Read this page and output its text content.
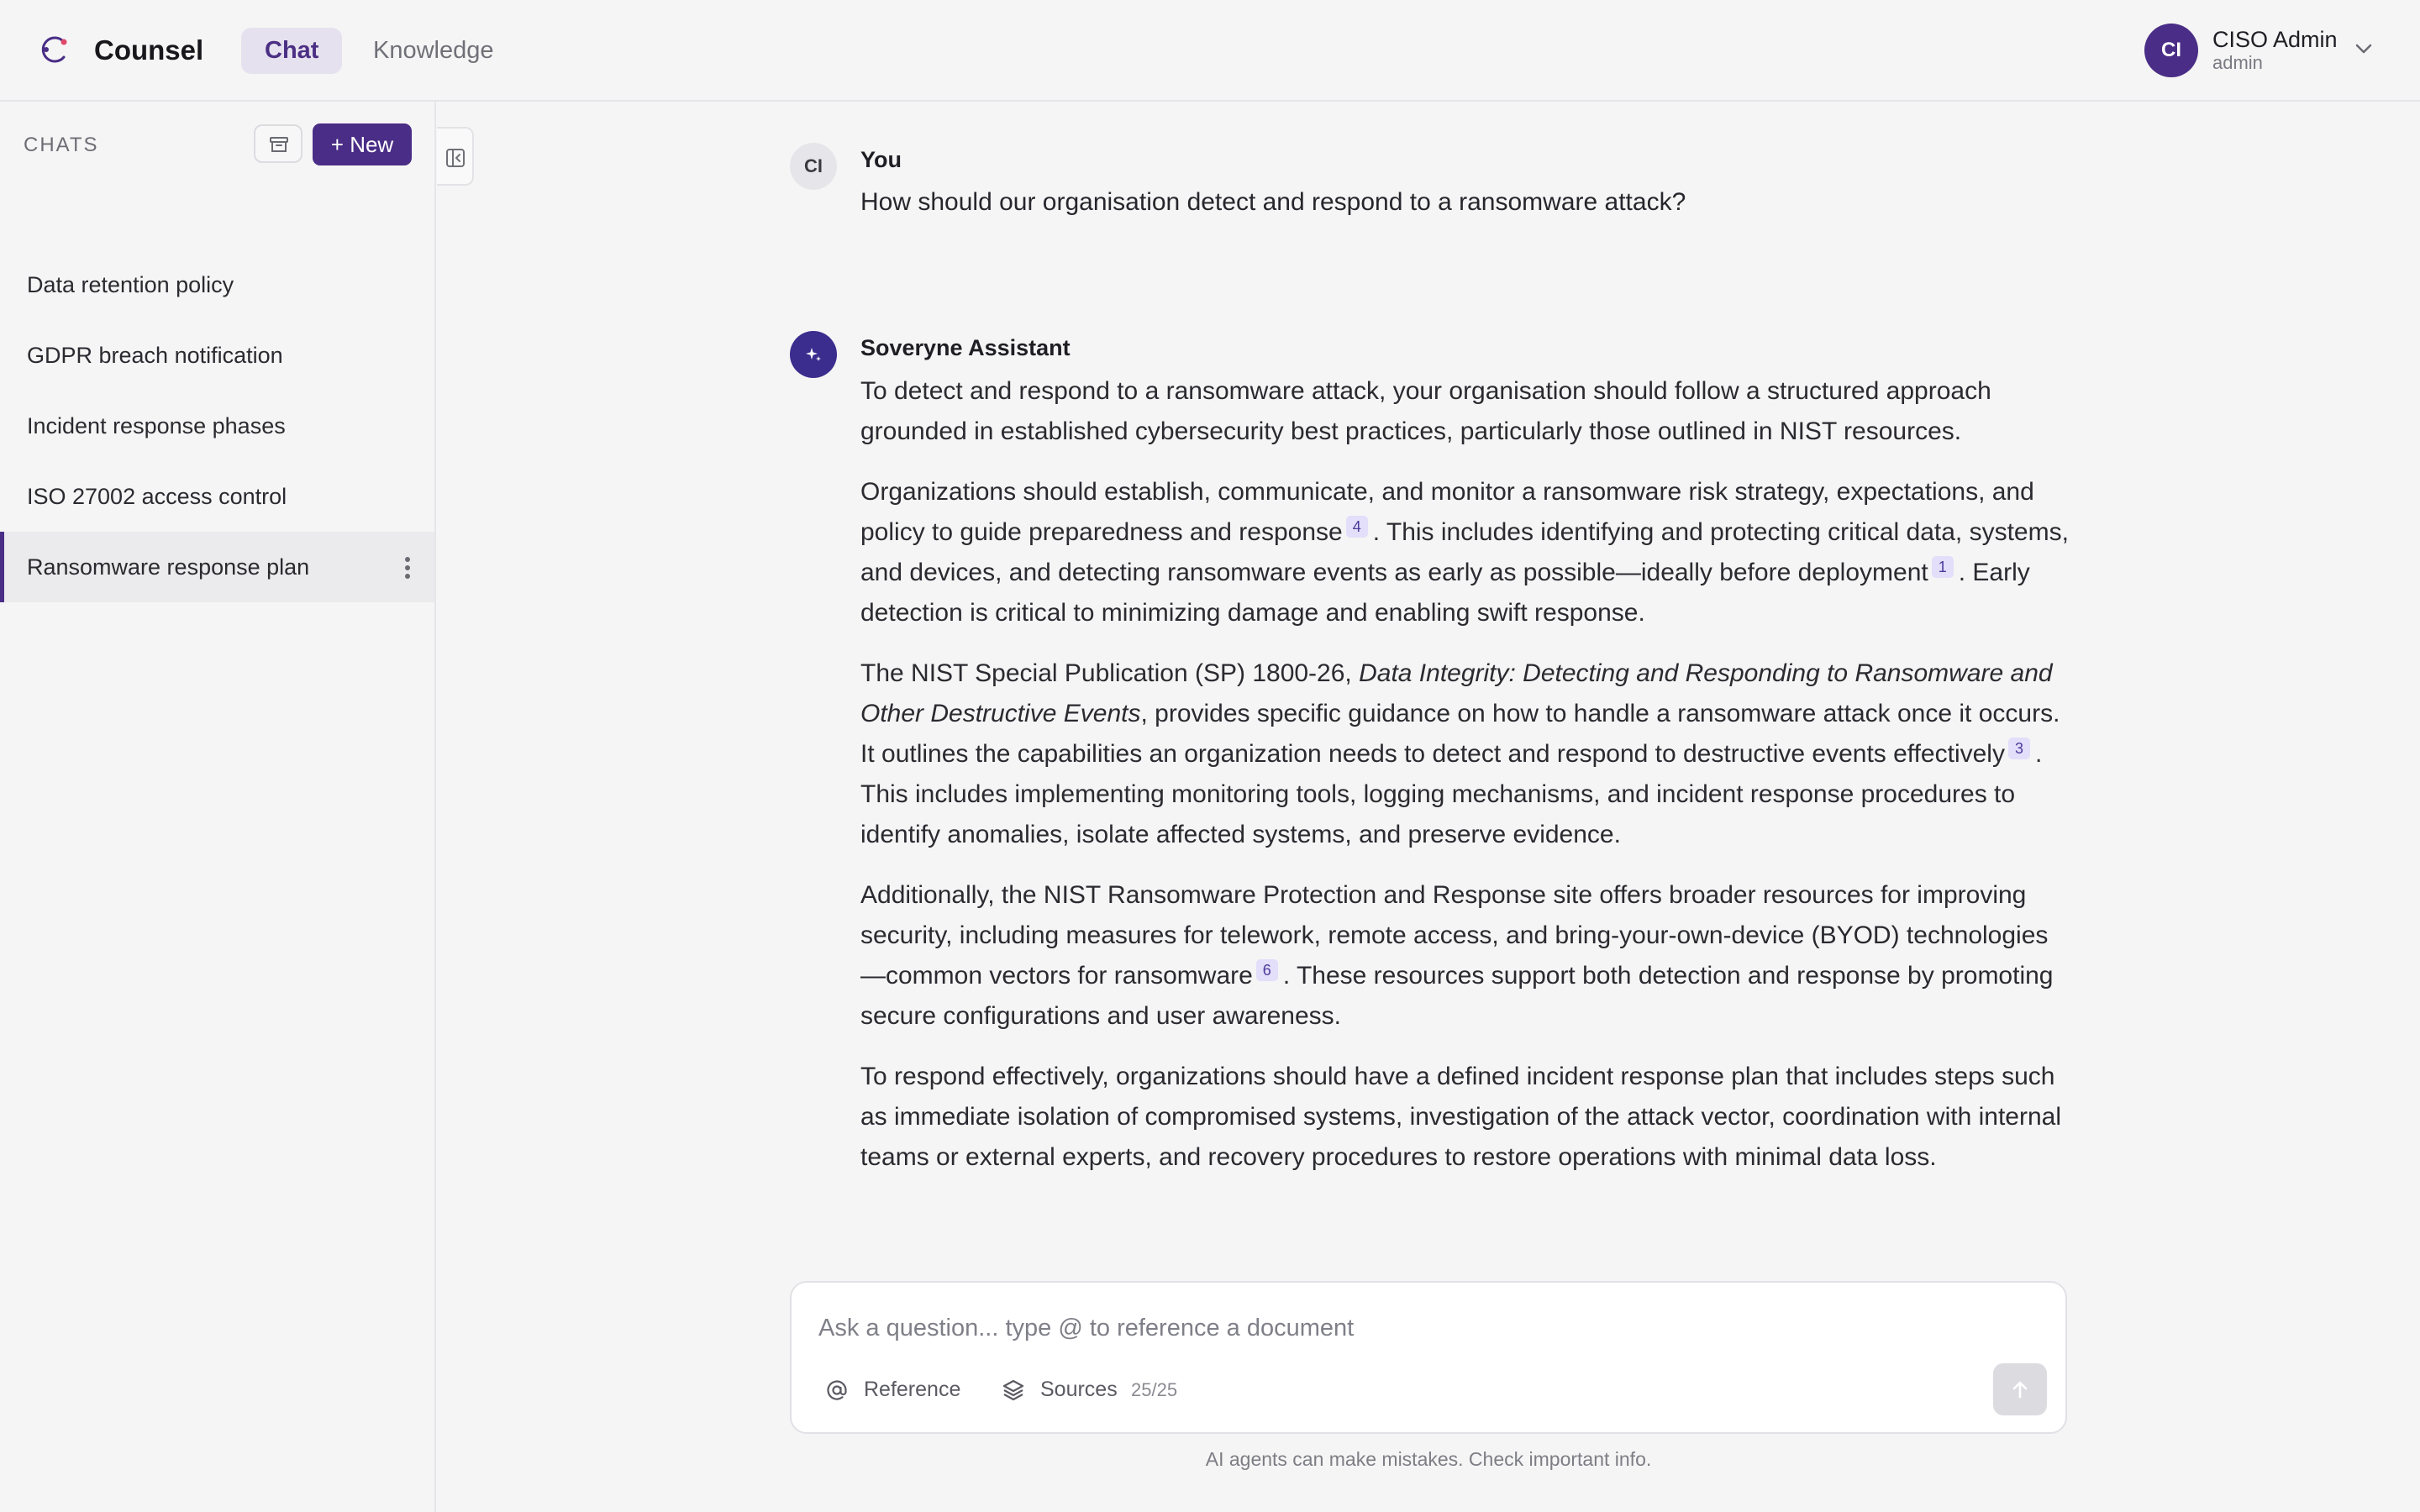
Counsel	Chat	Knowledge	CI	CISO Admin
admin
CHATS	+ New
Data retention policy
GDPR breach notification
Incident response phases
ISO 27002 access control
Ransomware response plan
CI	You
How should our organisation detect and respond to a ransomware attack?
Soveryne Assistant

To detect and respond to a ransomware attack, your organisation should follow a structured approach grounded in established cybersecurity best practices, particularly those outlined in NIST resources.

Organizations should establish, communicate, and monitor a ransomware risk strategy, expectations, and policy to guide preparedness and response 4 . This includes identifying and protecting critical data, systems, and devices, and detecting ransomware events as early as possible—ideally before deployment 1 . Early detection is critical to minimizing damage and enabling swift response.

The NIST Special Publication (SP) 1800-26, Data Integrity: Detecting and Responding to Ransomware and Other Destructive Events, provides specific guidance on how to handle a ransomware attack once it occurs. It outlines the capabilities an organization needs to detect and respond to destructive events effectively 3 . This includes implementing monitoring tools, logging mechanisms, and incident response procedures to identify anomalies, isolate affected systems, and preserve evidence.

Additionally, the NIST Ransomware Protection and Response site offers broader resources for improving security, including measures for telework, remote access, and bring-your-own-device (BYOD) technologies—common vectors for ransomware 6 . These resources support both detection and response by promoting secure configurations and user awareness.

To respond effectively, organizations should have a defined incident response plan that includes steps such as immediate isolation of compromised systems, investigation of the attack vector, coordination with internal teams or external experts, and recovery procedures to restore operations with minimal data loss.

Ask a question... type @ to reference a document
Reference	Sources 25/25
AI agents can make mistakes. Check important info.
